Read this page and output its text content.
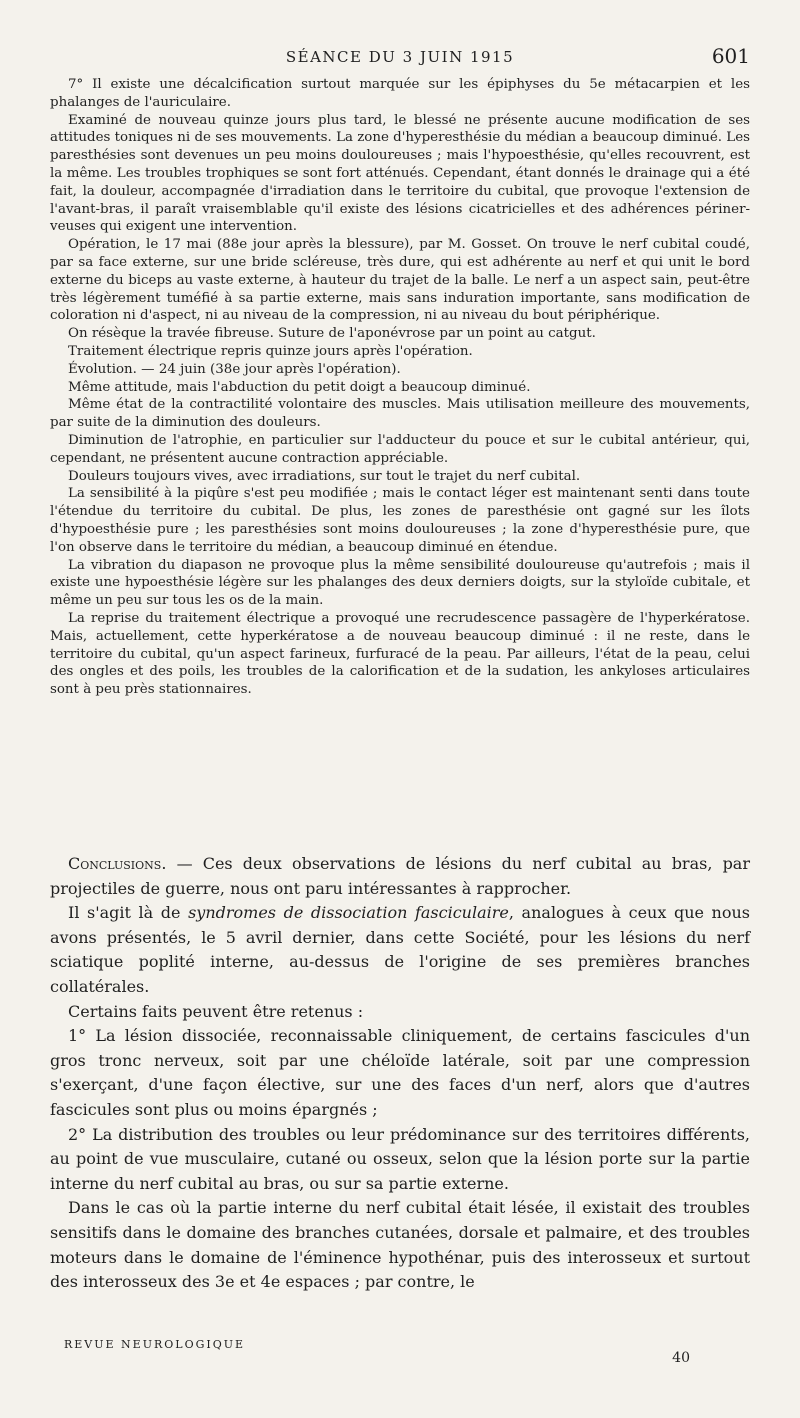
SÉANCE DU 3 JUIN 1915	601

7° Il existe une décalcification surtout marquée sur les épiphyses du 5e métacarpien et les phalanges de l'auriculaire.

Examiné de nouveau quinze jours plus tard, le blessé ne présente aucune modification de ses attitudes toniques ni de ses mouvements. La zone d'hyperesthésie du médian a beaucoup diminué. Les paresthésies sont devenues un peu moins douloureuses ; mais l'hypoesthésie, qu'elles recouvrent, est la même. Les troubles trophiques se sont fort atténués. Cependant, étant donnés le drainage qui a été fait, la douleur, accompagnée d'irradiation dans le territoire du cubital, que provoque l'extension de l'avant-bras, il paraît vraisemblable qu'il existe des lésions cicatricielles et des adhérences périner-veuses qui exigent une intervention.

Opération, le 17 mai (88e jour après la blessure), par M. Gosset. On trouve le nerf cubital coudé, par sa face externe, sur une bride scléreuse, très dure, qui est adhérente au nerf et qui unit le bord externe du biceps au vaste externe, à hauteur du trajet de la balle. Le nerf a un aspect sain, peut-être très légèrement tuméfié à sa partie externe, mais sans induration importante, sans modification de coloration ni d'aspect, ni au niveau de la compression, ni au niveau du bout périphérique.

On résèque la travée fibreuse. Suture de l'aponévrose par un point au catgut.

Traitement électrique repris quinze jours après l'opération.

Évolution. — 24 juin (38e jour après l'opération).

Même attitude, mais l'abduction du petit doigt a beaucoup diminué.

Même état de la contractilité volontaire des muscles. Mais utilisation meilleure des mouvements, par suite de la diminution des douleurs.

Diminution de l'atrophie, en particulier sur l'adducteur du pouce et sur le cubital antérieur, qui, cependant, ne présentent aucune contraction appréciable.

Douleurs toujours vives, avec irradiations, sur tout le trajet du nerf cubital.

La sensibilité à la piqûre s'est peu modifiée ; mais le contact léger est maintenant senti dans toute l'étendue du territoire du cubital. De plus, les zones de paresthésie ont gagné sur les îlots d'hypoesthésie pure ; les paresthésies sont moins douloureuses ; la zone d'hyperesthésie pure, que l'on observe dans le territoire du médian, a beaucoup diminué en étendue.

La vibration du diapason ne provoque plus la même sensibilité douloureuse qu'autrefois ; mais il existe une hypoesthésie légère sur les phalanges des deux derniers doigts, sur la styloïde cubitale, et même un peu sur tous les os de la main.

La reprise du traitement électrique a provoqué une recrudescence passagère de l'hyperkératose. Mais, actuellement, cette hyperkératose a de nouveau beaucoup diminué : il ne reste, dans le territoire du cubital, qu'un aspect farineux, furfuracé de la peau. Par ailleurs, l'état de la peau, celui des ongles et des poils, les troubles de la calorification et de la sudation, les ankyloses articulaires sont à peu près stationnaires.

Conclusions. — Ces deux observations de lésions du nerf cubital au bras, par projectiles de guerre, nous ont paru intéressantes à rapprocher.

Il s'agit là de syndromes de dissociation fasciculaire, analogues à ceux que nous avons présentés, le 5 avril dernier, dans cette Société, pour les lésions du nerf sciatique poplité interne, au-dessus de l'origine de ses premières branches collatérales.

Certains faits peuvent être retenus :

1° La lésion dissociée, reconnaissable cliniquement, de certains fascicules d'un gros tronc nerveux, soit par une chéloïde latérale, soit par une compression s'exerçant, d'une façon élective, sur une des faces d'un nerf, alors que d'autres fascicules sont plus ou moins épargnés ;

2° La distribution des troubles ou leur prédominance sur des territoires différents, au point de vue musculaire, cutané ou osseux, selon que la lésion porte sur la partie interne du nerf cubital au bras, ou sur sa partie externe.

Dans le cas où la partie interne du nerf cubital était lésée, il existait des troubles sensitifs dans le domaine des branches cutanées, dorsale et palmaire, et des troubles moteurs dans le domaine de l'éminence hypothénar, puis des interosseux et surtout des interosseux des 3e et 4e espaces ; par contre, le

REVUE NEUROLOGIQUE
40
